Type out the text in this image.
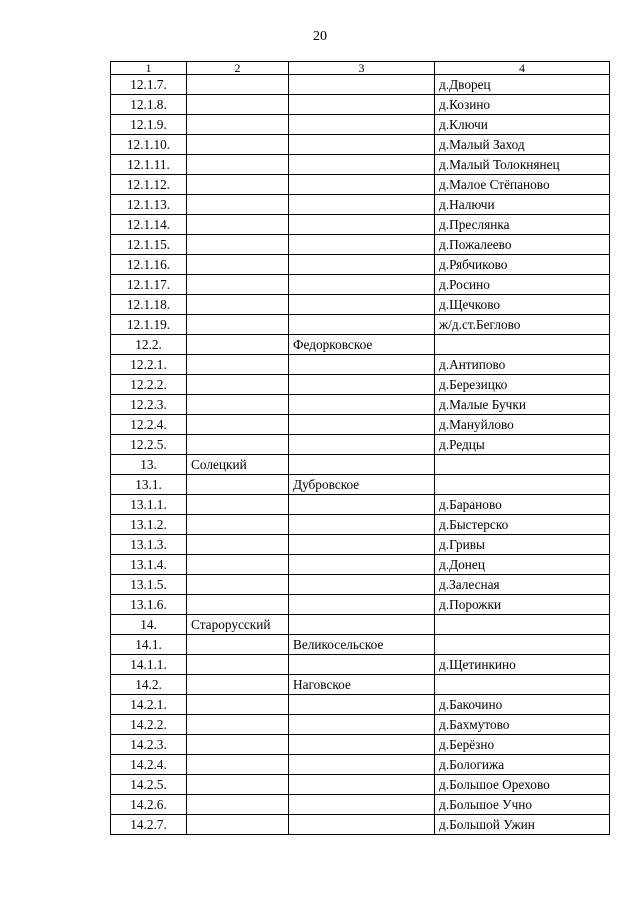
20
1	2	3	4
12.1.7.			д.Дворец
12.1.8.			д.Козино
12.1.9.			д.Ключи
12.1.10.			д.Малый Заход
12.1.11.			д.Малый Толокнянец
12.1.12.			д.Малое Стёпаново
12.1.13.			д.Налючи
12.1.14.			д.Преслянка
12.1.15.			д.Пожалеево
12.1.16.			д.Рябчиково
12.1.17.			д.Росино
12.1.18.			д.Щечково
12.1.19.			ж/д.ст.Беглово
12.2.		Федорковское	
12.2.1.			д.Антипово
12.2.2.			д.Березицко
12.2.3.			д.Малые Бучки
12.2.4.			д.Мануйлово
12.2.5.			д.Редцы
13.	Солецкий		
13.1.		Дубровское	
13.1.1.			д.Бараново
13.1.2.			д.Быстерско
13.1.3.			д.Гривы
13.1.4.			д.Донец
13.1.5.			д.Залесная
13.1.6.			д.Порожки
14.	Старорусский		
14.1.		Великосельское	
14.1.1.			д.Щетинкино
14.2.		Наговское	
14.2.1.			д.Бакочино
14.2.2.			д.Бахмутово
14.2.3.			д.Берёзно
14.2.4.			д.Бологижа
14.2.5.			д.Большое Орехово
14.2.6.			д.Большое Учно
14.2.7.			д.Большой Ужин
